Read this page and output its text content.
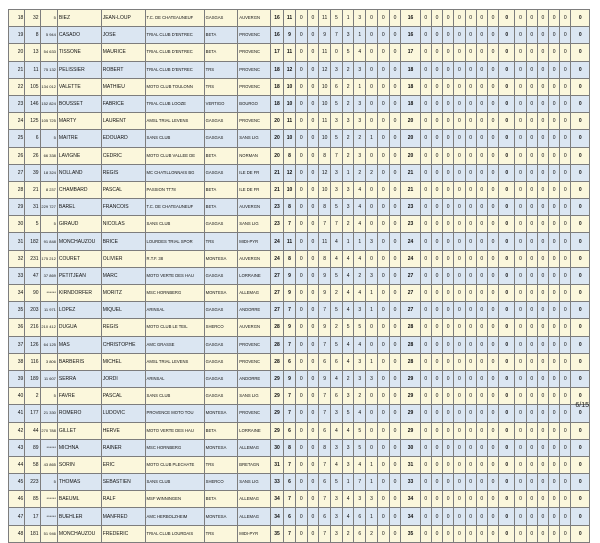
18	32	5	BIEZ	JEAN-LOUP	T.C. DE CHATEAUNEUF	GASGAS	AUVERGN	16	11	0	0	11	5	1	3	0	0	0	16	0	0	0	0	0	0	0	0	0	0	0	0	0	0
19	8	5 944	CASADO	JOSE	TRIAL CLUB D'ENTREC	BETA	PROVENC	16	9	0	0	9	7	3	1	0	0	0	16	0	0	0	0	0	0	0	0	0	0	0	0	0	0
20	13	54 633	TISSONE	MAURICE	TRIAL CLUB D'ENTREC	BETA	PROVENC	17	11	0	0	11	0	5	4	0	0	0	17	0	0	0	0	0	0	0	0	0	0	0	0	0	0
21	11	75 132	PELISSIER	ROBERT	TRIAL CLUB D'ENTREC	TRS	PROVENC	18	12	0	0	12	3	2	3	0	0	0	18	0	0	0	0	0	0	0	0	0	0	0	0	0	0
22	105	134 012	VALETTE	MATHIEU	MOTO CLUB TOULONN	TRS	PROVENC	18	10	0	0	10	6	2	1	0	0	0	18	0	0	0	0	0	0	0	0	0	0	0	0	0	0
23	146	152 824	BOUSSET	FABRICE	TRIAL CLUB LOOZE	VERTIGO	BOURGO	18	10	0	0	10	5	2	3	0	0	0	18	0	0	0	0	0	0	0	0	0	0	0	0	0	0
24	125	105 725	MARTY	LAURENT	AMSL TRIAL LEVENS	GASGAS	PROVENC	20	11	0	0	11	3	3	3	0	0	0	20	0	0	0	0	0	0	0	0	0	0	0	0	0	0
25	6	5	MAITRE	EDOUARD	SANS CLUB	GASGAS	SANS LIG	20	10	0	0	10	5	2	2	1	0	0	20	0	0	0	0	0	0	0	0	0	0	0	0	0	0
26	26	66 338	LAVIGNE	CEDRIC	MOTO CLUB VALLEE DE	BETA	NORMAN	20	8	0	0	8	7	2	3	0	0	0	20	0	0	0	0	0	0	0	0	0	0	0	0	0	0
27	39	18 324	NOLLAND	REGIS	MC CHATILLONNAIS BG	GASGAS	ILE DE FR	21	12	0	0	12	3	1	2	2	0	0	21	0	0	0	0	0	0	0	0	0	0	0	0	0	0
28	21	8 237	CHAMBARD	PASCAL	PASSION TT78	BETA	ILE DE FR	21	10	0	0	10	3	3	4	0	0	0	21	0	0	0	0	0	0	0	0	0	0	0	0	0	0
29	31	229 727	BAREL	FRANCOIS	T.C. DE CHATEAUNEUF	BETA	AUVERGN	23	8	0	0	8	5	3	4	0	0	0	23	0	0	0	0	0	0	0	0	0	0	0	0	0	0
30	5	5	GIRAUD	NICOLAS	SANS CLUB	GASGAS	SANS LIG	23	7	0	0	7	7	2	4	0	0	0	23	0	0	0	0	0	0	0	0	0	0	0	0	0	0
31	182	91 848	MONCHAUZOU	BRICE	LOURDES TRIAL SPOR	TRS	MIDI-PYR	24	11	0	0	11	4	1	1	3	0	0	24	0	0	0	0	0	0	0	0	0	0	0	0	0	0
32	231	175 212	COURET	OLIVIER	R.T.F. 38	MONTESA	AUVERGN	24	8	0	0	8	4	4	4	0	0	0	24	0	0	0	0	0	0	0	0	0	0	0	0	0	0
33	47	37 869	PETITJEAN	MARC	MOTO VERTE DES HAU	GASGAS	LORRAINE	27	9	0	0	9	5	4	2	3	0	0	27	0	0	0	0	0	0	0	0	0	0	0	0	0	0
34	90	******	KIRNDORFER	MORITZ	MSC HORNBERG	MONTESA	ALLEMAG	27	9	0	0	9	2	4	4	1	0	0	27	0	0	0	0	0	0	0	0	0	0	0	0	0	0
35	203	11 971	LOPEZ	MIQUEL	ARINSAL	GASGAS	ANDORRE	27	7	0	0	7	5	4	3	1	0	0	27	0	0	0	0	0	0	0	0	0	0	0	0	0	0
36	216	210 412	DUGUA	REGIS	MOTO CLUB LE TEIL	SHERCO	AUVERGN	28	9	0	0	9	2	5	5	0	0	0	28	0	0	0	0	0	0	0	0	0	0	0	0	0	0
37	126	64 125	MAS	CHRISTOPHE	AMC GRASSE	GASGAS	PROVENC	28	7	0	0	7	5	4	4	0	0	0	28	0	0	0	0	0	0	0	0	0	0	0	0	0	0
38	116	3 806	BARBERIS	MICHEL	AMSL TRIAL LEVENS	GASGAS	PROVENC	28	6	0	0	6	6	4	3	1	0	0	28	0	0	0	0	0	0	0	0	0	0	0	0	0	0
39	189	11 607	SERRA	JORDI	ARINSAL	GASGAS	ANDORRE	29	9	0	0	9	4	2	3	3	0	0	29	0	0	0	0	0	0	0	0	0	0	0	0	0	0
40	2	5	FAVRE	PASCAL	SANS CLUB	GASGAS	SANS LIG	29	7	0	0	7	6	3	2	0	0	0	29	0	0	0	0	0	0	0	0	0	0	0	0	0	0
41	177	21 330	ROMERO	LUDOVIC	PROVENCE MOTO TOU	MONTESA	PROVENC	29	7	0	0	7	3	5	4	0	0	0	29	0	0	0	0	0	0	0	0	0	0	0	0	0	0
42	44	270 788	GILLET	HERVE	MOTO VERTE DES HAU	BETA	LORRAINE	29	6	0	0	6	4	4	5	0	0	0	29	0	0	0	0	0	0	0	0	0	0	0	0	0	0
43	89	******	MICHNA	RAINER	MSC HORNBERG	MONTESA	ALLEMAG	30	8	0	0	8	3	3	5	0	0	0	30	0	0	0	0	0	0	0	0	0	0	0	0	0	0
44	58	43 865	SORIN	ERIC	MOTO CLUB PLECHATE	TRS	BRETAGN	31	7	0	0	7	4	3	4	1	0	0	31	0	0	0	0	0	0	0	0	0	0	0	0	0	0
45	223	5	THOMAS	SEBASTIEN	SANS CLUB	SHERCO	SANS LIG	33	6	0	0	6	5	1	7	1	0	0	33	0	0	0	0	0	0	0	0	0	0	0	0	0	0
46	85	******	BAEUML	RALF	MSF WINNINGEN	BETA	ALLEMAG	34	7	0	0	7	3	4	3	3	0	0	34	0	0	0	0	0	0	0	0	0	0	0	0	0	0
47	17	******	BUEHLER	MANFRED	AMC HERBOLZHEIM	MONTESA	ALLEMAG	34	6	0	0	6	3	4	6	1	0	0	34	0	0	0	0	0	0	0	0	0	0	0	0	0	0
48	181	51 946	MONCHAUZOU	FREDERIC	TRIAL CLUB LOURDAIS	TRS	MIDI-PYR	35	7	0	0	7	3	2	6	2	0	0	35	0	0	0	0	0	0	0	0	0	0	0	0	0	0
6/15
